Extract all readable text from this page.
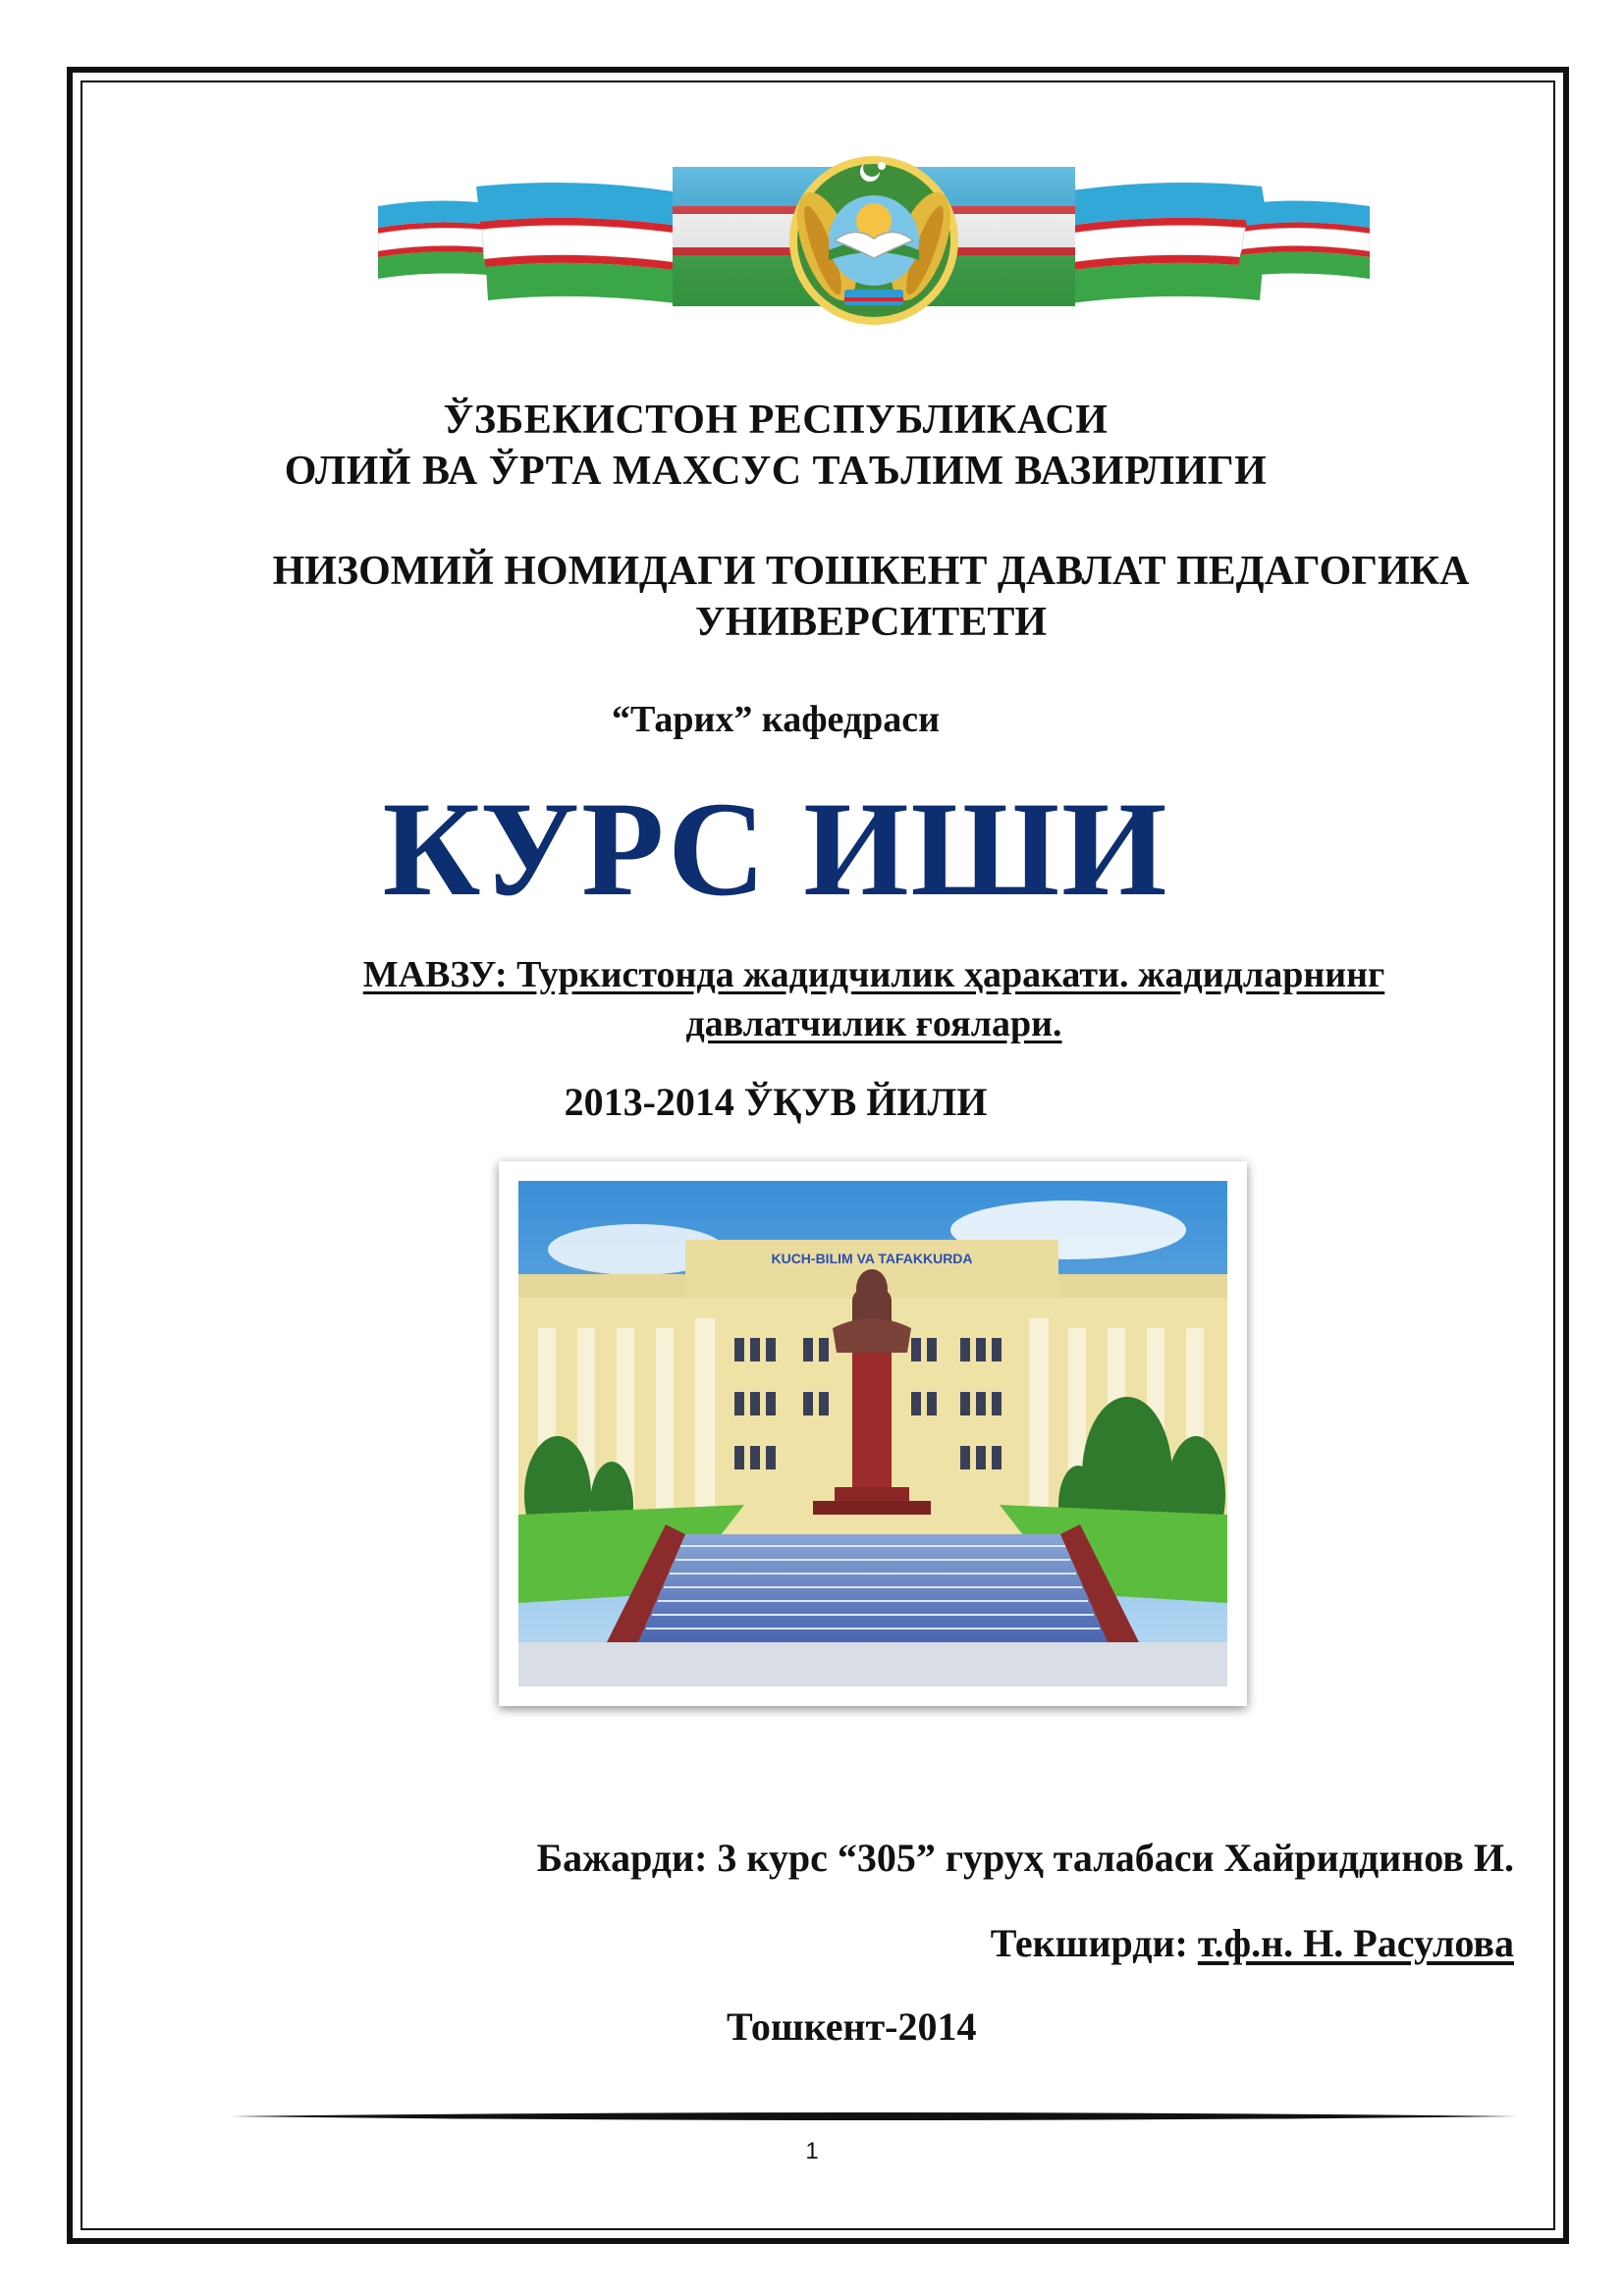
ЎЗБЕКИСТОН РЕСПУБЛИКАСИ
ОЛИЙ ВА ЎРТА МАХСУС ТАЪЛИМ ВАЗИРЛИГИ
НИЗОМИЙ НОМИДАГИ ТОШКЕНТ ДАВЛАТ ПЕДАГОГИКА
УНИВЕРСИТЕТИ
“Тарих” кафедраси
КУРС ИШИ
МАВЗУ: Туркистонда жадидчилик ҳаракати. жадидларнинг
давлатчилик ғоялари.
2013-2014 ЎҚУВ ЙИЛИ
KUCH-BILIM VA TAFAKKURDA
Бажарди: 3 курс “305” гуруҳ талабаси Хайриддинов И.
Текширди: т.ф.н. Н. Расулова
Тошкент-2014
1
